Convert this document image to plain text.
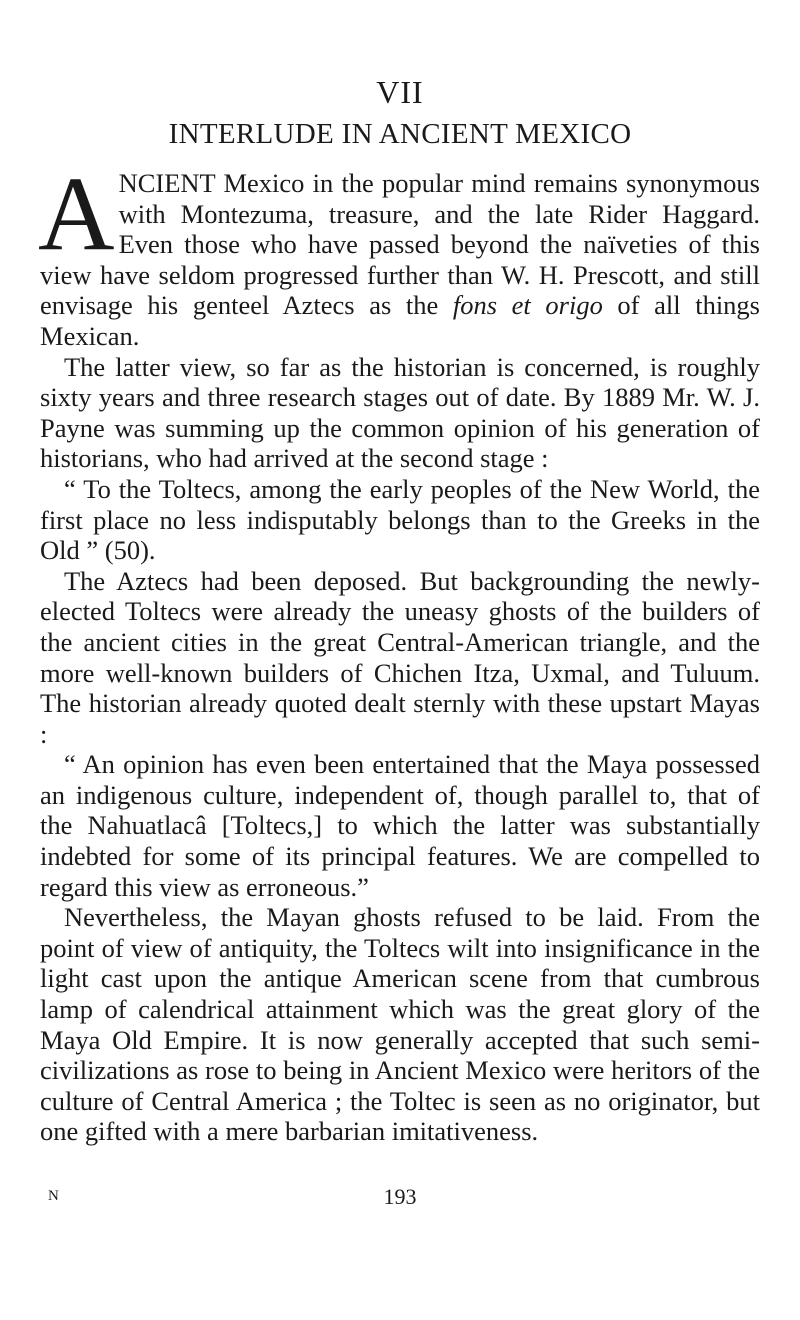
VII
INTERLUDE IN ANCIENT MEXICO

ANCIENT Mexico in the popular mind remains synonymous with Montezuma, treasure, and the late Rider Haggard. Even those who have passed beyond the naïveties of this view have seldom progressed further than W. H. Prescott, and still envisage his genteel Aztecs as the fons et origo of all things Mexican.

The latter view, so far as the historian is concerned, is roughly sixty years and three research stages out of date. By 1889 Mr. W. J. Payne was summing up the common opinion of his generation of historians, who had arrived at the second stage :

“ To the Toltecs, among the early peoples of the New World, the first place no less indisputably belongs than to the Greeks in the Old ” (50).

The Aztecs had been deposed. But backgrounding the newly-elected Toltecs were already the uneasy ghosts of the builders of the ancient cities in the great Central-American triangle, and the more well-known builders of Chichen Itza, Uxmal, and Tuluum. The historian already quoted dealt sternly with these upstart Mayas :

“ An opinion has even been entertained that the Maya possessed an indigenous culture, independent of, though parallel to, that of the Nahuatlacâ [Toltecs,] to which the latter was substantially indebted for some of its principal features. We are compelled to regard this view as erroneous.”

Nevertheless, the Mayan ghosts refused to be laid. From the point of view of antiquity, the Toltecs wilt into insignificance in the light cast upon the antique American scene from that cumbrous lamp of calendrical attainment which was the great glory of the Maya Old Empire. It is now generally accepted that such semi-civilizations as rose to being in Ancient Mexico were heritors of the culture of Central America ; the Toltec is seen as no originator, but one gifted with a mere barbarian imitativeness.

N	193
